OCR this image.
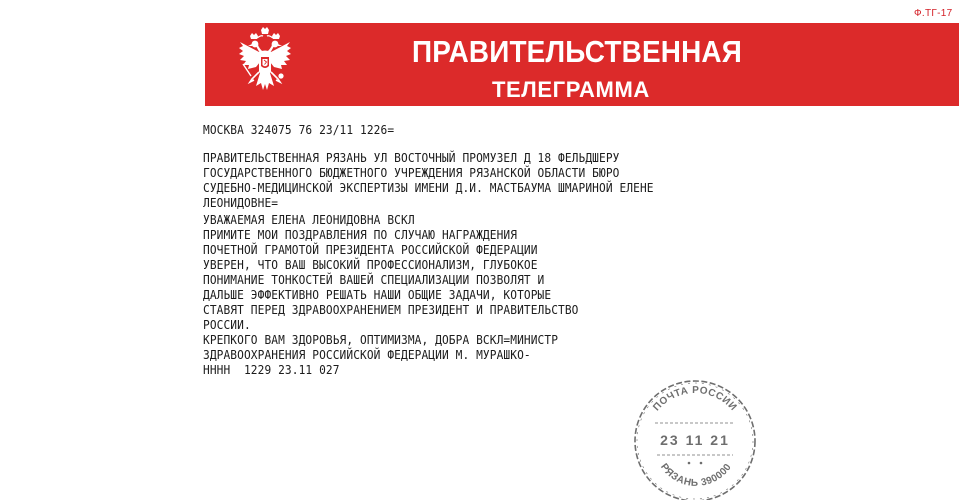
Ф.ТГ-17
ПРАВИТЕЛЬСТВЕННАЯ
ТЕЛЕГРАММА
МОСКВА 324075 76 23/11 1226=
ПРАВИТЕЛЬСТВЕННАЯ РЯЗАНЬ УЛ ВОСТОЧНЫЙ ПРОМУЗЕЛ Д 18 ФЕЛЬДШЕРУ
ГОСУДАРСТВЕННОГО БЮДЖЕТНОГО УЧРЕЖДЕНИЯ РЯЗАНСКОЙ ОБЛАСТИ БЮРО
СУДЕБНО-МЕДИЦИНСКОЙ ЭКСПЕРТИЗЫ ИМЕНИ Д.И. МАСТБАУМА ШМАРИНОЙ ЕЛЕНЕ
ЛЕОНИДОВНЕ=
УВАЖАЕМАЯ ЕЛЕНА ЛЕОНИДОВНА ВСКЛ
ПРИМИТЕ МОИ ПОЗДРАВЛЕНИЯ ПО СЛУЧАЮ НАГРАЖДЕНИЯ
ПОЧЕТНОЙ ГРАМОТОЙ ПРЕЗИДЕНТА РОССИЙСКОЙ ФЕДЕРАЦИИ
УВЕРЕН, ЧТО ВАШ ВЫСОКИЙ ПРОФЕССИОНАЛИЗМ, ГЛУБОКОЕ
ПОНИМАНИЕ ТОНКОСТЕЙ ВАШЕЙ СПЕЦИАЛИЗАЦИИ ПОЗВОЛЯТ И
ДАЛЬШЕ ЭФФЕКТИВНО РЕШАТЬ НАШИ ОБЩИЕ ЗАДАЧИ, КОТОРЫЕ
СТАВЯТ ПЕРЕД ЗДРАВООХРАНЕНИЕМ ПРЕЗИДЕНТ И ПРАВИТЕЛЬСТВО
РОССИИ.
КРЕПКОГО ВАМ ЗДОРОВЬЯ, ОПТИМИЗМА, ДОБРА ВСКЛ=МИНИСТР
ЗДРАВООХРАНЕНИЯ РОССИЙСКОЙ ФЕДЕРАЦИИ М. МУРАШКО-
НННН  1229 23.11 027
ПОЧТА РОССИИ
23 11 21
РЯЗАНЬ 390000
